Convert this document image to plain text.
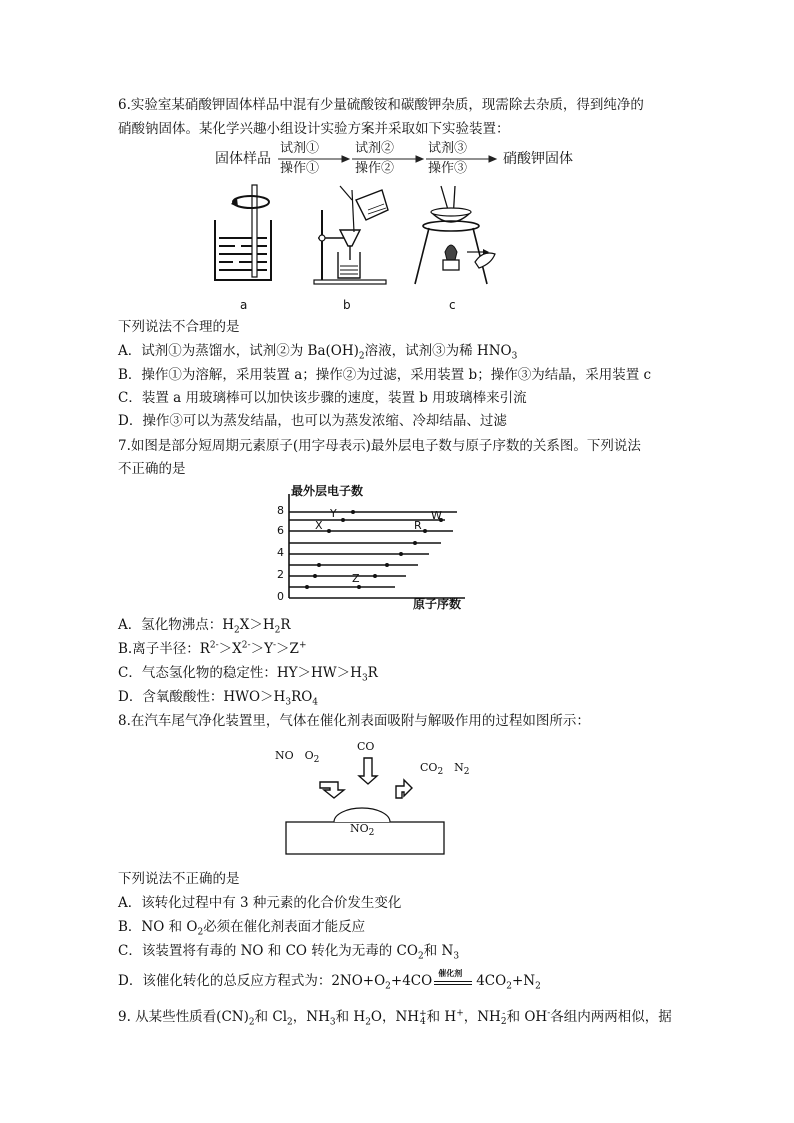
6.实验室某硝酸钾固体样品中混有少量硫酸铵和碳酸钾杂质，现需除去杂质，得到纯净的
硝酸钠固体。某化学兴趣小组设计实验方案并采取如下实验装置：
固体样品
试剂①
操作①
试剂②
操作②
试剂③
操作③
硝酸钾固体
a	b	c
下列说法不合理的是
A．试剂①为蒸馏水，试剂②为 $Ba(OH)_2$溶液，试剂③为稀 $HNO_3$
B．操作①为溶解，采用装置 a；操作②为过滤，采用装置 b；操作③为结晶，采用装置 c
C．装置 a 用玻璃棒可以加快该步骤的速度，装置 b 用玻璃棒来引流
D．操作③可以为蒸发结晶，也可以为蒸发浓缩、冷却结晶、过滤
7.如图是部分短周期元素原子(用字母表示)最外层电子数与原子序数的关系图。下列说法
不正确的是
最外层电子数
8
6
4
2
0
Y
X
W
R
Z
原子序数
A．氢化物沸点：$H_2X>H_2R$
B.离子半径：$R^{2-}>X^{2-}>Y^->Z^+$
C．气态氢化物的稳定性：$HY>HW>H_3R$
D．含氧酸酸性：$HWO>H_3RO_4$
8.在汽车尾气净化装置里，气体在催化剂表面吸附与解吸作用的过程如图所示：
NO　$O_2$
CO
$CO_2$　 $N_2$
$NO_2$
下列说法不正确的是
A．该转化过程中有 3 种元素的化合价发生变化
B．NO 和 $O_2$必须在催化剂表面才能反应
C．该装置将有毒的 NO 和 CO 转化为无毒的 $CO_2$和 $N_3$
D．该催化转化的总反应方程式为：$2NO+O_2+4CO$ 催化剂 $4CO_2+N_2$
9. 从某些性质看$(CN)_2$和 $Cl_2$，$NH_3$和 $H_2O$，NH +
4 和 H+，NH -
2 和 OH-各组内两两相似，据
